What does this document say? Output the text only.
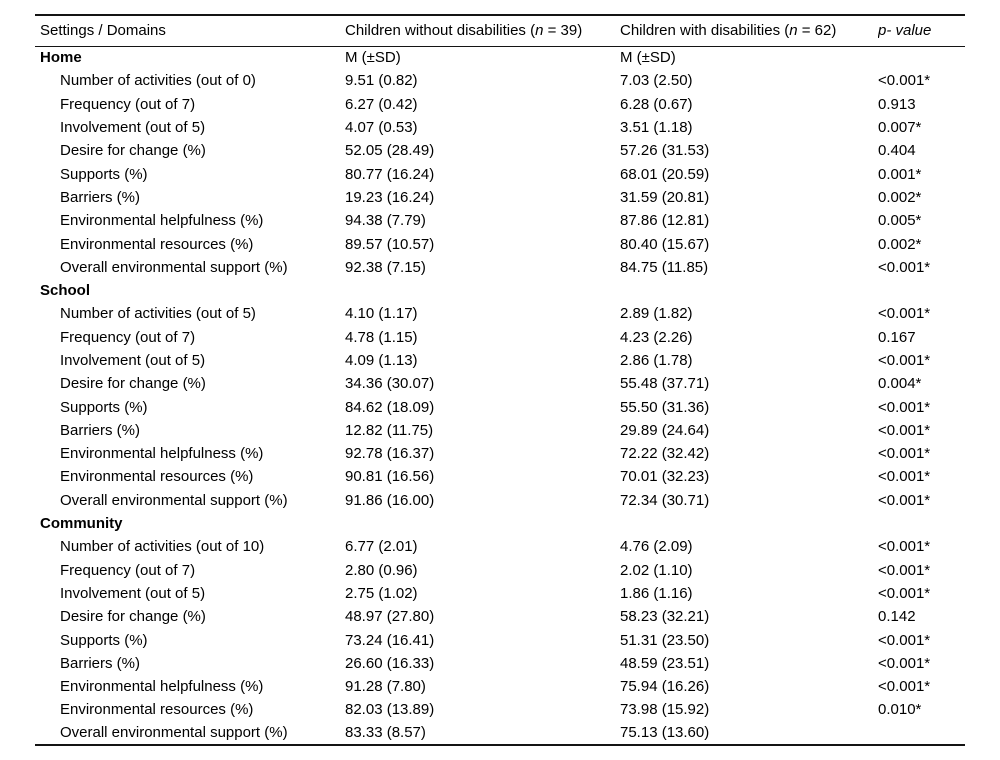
Settings / Domains	Children without disabilities (n = 39)	Children with disabilities (n = 62)	p- value
Home	M (±SD)	M (±SD)	
Number of activities (out of 0)	9.51 (0.82)	7.03 (2.50)	<0.001*
Frequency (out of 7)	6.27 (0.42)	6.28 (0.67)	0.913
Involvement (out of 5)	4.07 (0.53)	3.51 (1.18)	0.007*
Desire for change (%)	52.05 (28.49)	57.26 (31.53)	0.404
Supports (%)	80.77 (16.24)	68.01 (20.59)	0.001*
Barriers (%)	19.23 (16.24)	31.59 (20.81)	0.002*
Environmental helpfulness (%)	94.38 (7.79)	87.86 (12.81)	0.005*
Environmental resources (%)	89.57 (10.57)	80.40 (15.67)	0.002*
Overall environmental support (%)	92.38 (7.15)	84.75 (11.85)	<0.001*
School			
Number of activities (out of 5)	4.10 (1.17)	2.89 (1.82)	<0.001*
Frequency (out of 7)	4.78 (1.15)	4.23 (2.26)	0.167
Involvement (out of 5)	4.09 (1.13)	2.86 (1.78)	<0.001*
Desire for change (%)	34.36 (30.07)	55.48 (37.71)	0.004*
Supports (%)	84.62 (18.09)	55.50 (31.36)	<0.001*
Barriers (%)	12.82 (11.75)	29.89 (24.64)	<0.001*
Environmental helpfulness (%)	92.78 (16.37)	72.22 (32.42)	<0.001*
Environmental resources (%)	90.81 (16.56)	70.01 (32.23)	<0.001*
Overall environmental support (%)	91.86 (16.00)	72.34 (30.71)	<0.001*
Community			
Number of activities (out of 10)	6.77 (2.01)	4.76 (2.09)	<0.001*
Frequency (out of 7)	2.80 (0.96)	2.02 (1.10)	<0.001*
Involvement (out of 5)	2.75 (1.02)	1.86 (1.16)	<0.001*
Desire for change (%)	48.97 (27.80)	58.23 (32.21)	0.142
Supports (%)	73.24 (16.41)	51.31 (23.50)	<0.001*
Barriers (%)	26.60 (16.33)	48.59 (23.51)	<0.001*
Environmental helpfulness (%)	91.28 (7.80)	75.94 (16.26)	<0.001*
Environmental resources (%)	82.03 (13.89)	73.98 (15.92)	0.010*
Overall environmental support (%)	83.33 (8.57)	75.13 (13.60)	
